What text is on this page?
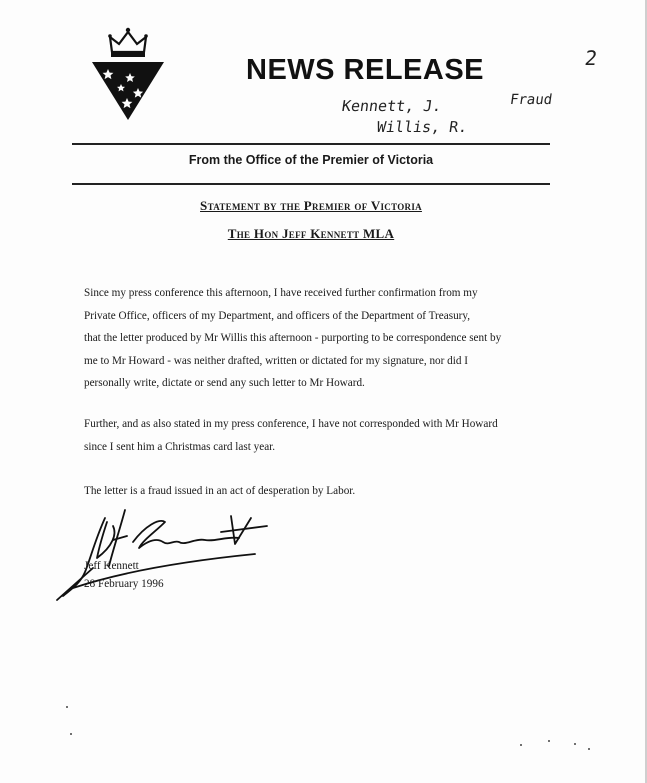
NEWS RELEASE	2
Kennett, J.
Willis, R.
Fraud
From the Office of the Premier of Victoria
Statement by the Premier of Victoria
The Hon Jeff Kennett MLA
Since my press conference this afternoon, I have received further confirmation from my
Private Office, officers of my Department, and officers of the Department of Treasury,
that the letter produced by Mr Willis this afternoon - purporting to be correspondence sent by
me to Mr Howard - was neither drafted, written or dictated for my signature, nor did I
personally write, dictate or send any such letter to Mr Howard.
Further, and as also stated in my press conference, I have not corresponded with Mr Howard
since I sent him a Christmas card last year.
The letter is a fraud issued in an act of desperation by Labor.
Jeff Kennett
28 February 1996
